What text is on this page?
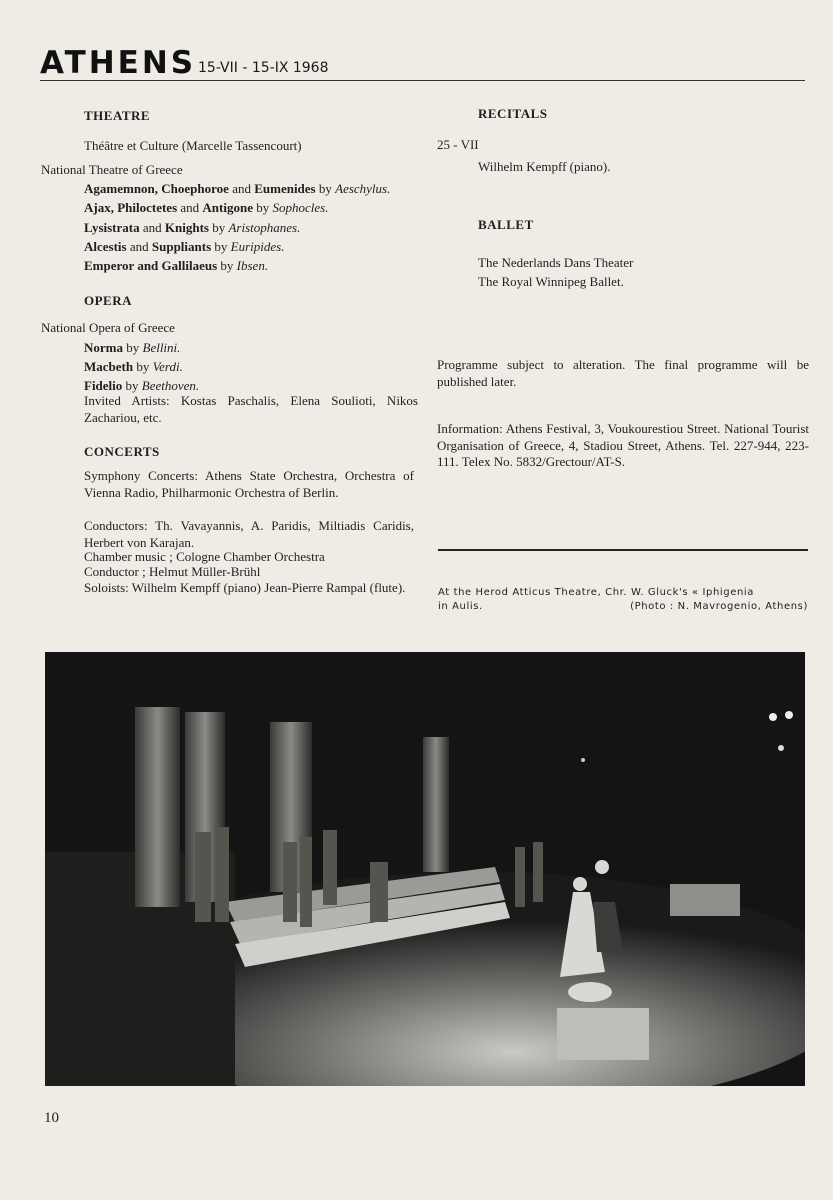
ATHENS 15-VII - 15-IX 1968
THEATRE
Théâtre et Culture (Marcelle Tassencourt)
National Theatre of Greece
Agamemnon, Choephoroe and Eumenides by Aeschylus.
Ajax, Philoctetes and Antigone by Sophocles.
Lysistrata and Knights by Aristophanes.
Alcestis and Suppliants by Euripides.
Emperor and Gallilaeus by Ibsen.
OPERA
National Opera of Greece
Norma by Bellini.
Macbeth by Verdi.
Fidelio by Beethoven.
Invited Artists: Kostas Paschalis, Elena Soulioti, Nikos Zachariou, etc.
CONCERTS
Symphony Concerts: Athens State Orchestra, Orchestra of Vienna Radio, Philharmonic Orchestra of Berlin.
Conductors: Th. Vavayannis, A. Paridis, Miltiadis Caridis, Herbert von Karajan.
Chamber music ; Cologne Chamber Orchestra
Conductor ; Helmut Müller-Brühl
Soloists: Wilhelm Kempff (piano) Jean-Pierre Rampal (flute).
RECITALS
25 - VII
Wilhelm Kempff (piano).
BALLET
The Nederlands Dans Theater
The Royal Winnipeg Ballet.
Programme subject to alteration. The final programme will be published later.
Information: Athens Festival, 3, Voukourestiou Street. National Tourist Organisation of Greece, 4, Stadiou Street, Athens. Tel. 227-944, 223-111. Telex No. 5832/Grectour/AT-S.
At the Herod Atticus Theatre, Chr. W. Gluck's « Iphigenia
in Aulis.	(Photo : N. Mavrogenio, Athens)
10
